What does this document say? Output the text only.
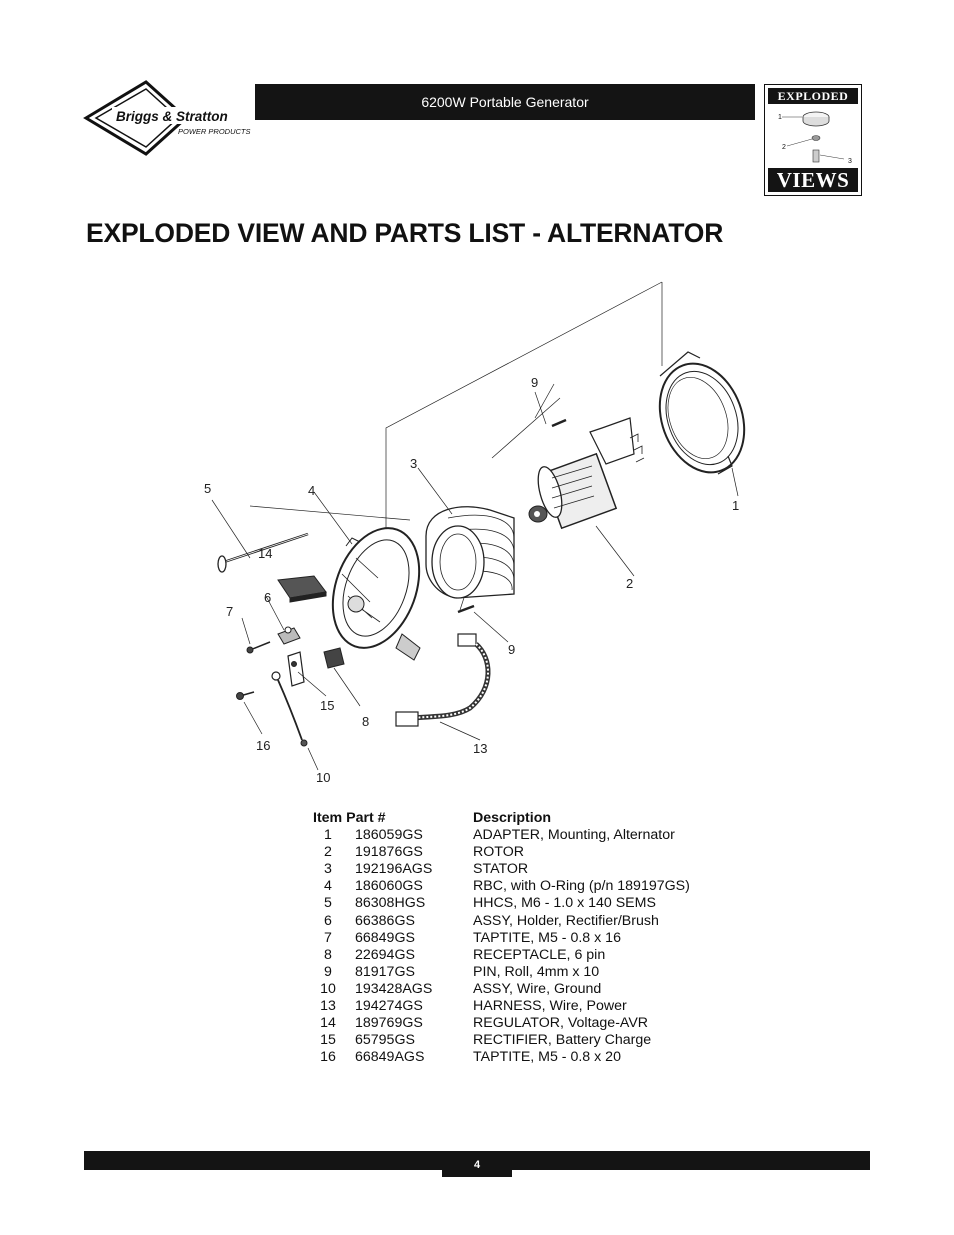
Briggs & Stratton
POWER PRODUCTS
6200W Portable Generator	EXPLODED
1
2
3
VIEWS
EXPLODED VIEW AND PARTS LIST - ALTERNATOR
1
2
3
4
5
6
7
8
9
9
10
13
14
15
16
Item Part #	Description
1	186059GS	ADAPTER, Mounting, Alternator
2	191876GS	ROTOR
3	192196AGS	STATOR
4	186060GS	RBC, with O-Ring (p/n 189197GS)
5	86308HGS	HHCS, M6 - 1.0 x 140 SEMS
6	66386GS	ASSY, Holder, Rectifier/Brush
7	66849GS	TAPTITE, M5 - 0.8 x 16
8	22694GS	RECEPTACLE, 6 pin
9	81917GS	PIN, Roll, 4mm x 10
10	193428AGS	ASSY, Wire, Ground
13	194274GS	HARNESS, Wire, Power
14	189769GS	REGULATOR, Voltage-AVR
15	65795GS	RECTIFIER, Battery Charge
16	66849AGS	TAPTITE, M5 - 0.8 x 20
4
